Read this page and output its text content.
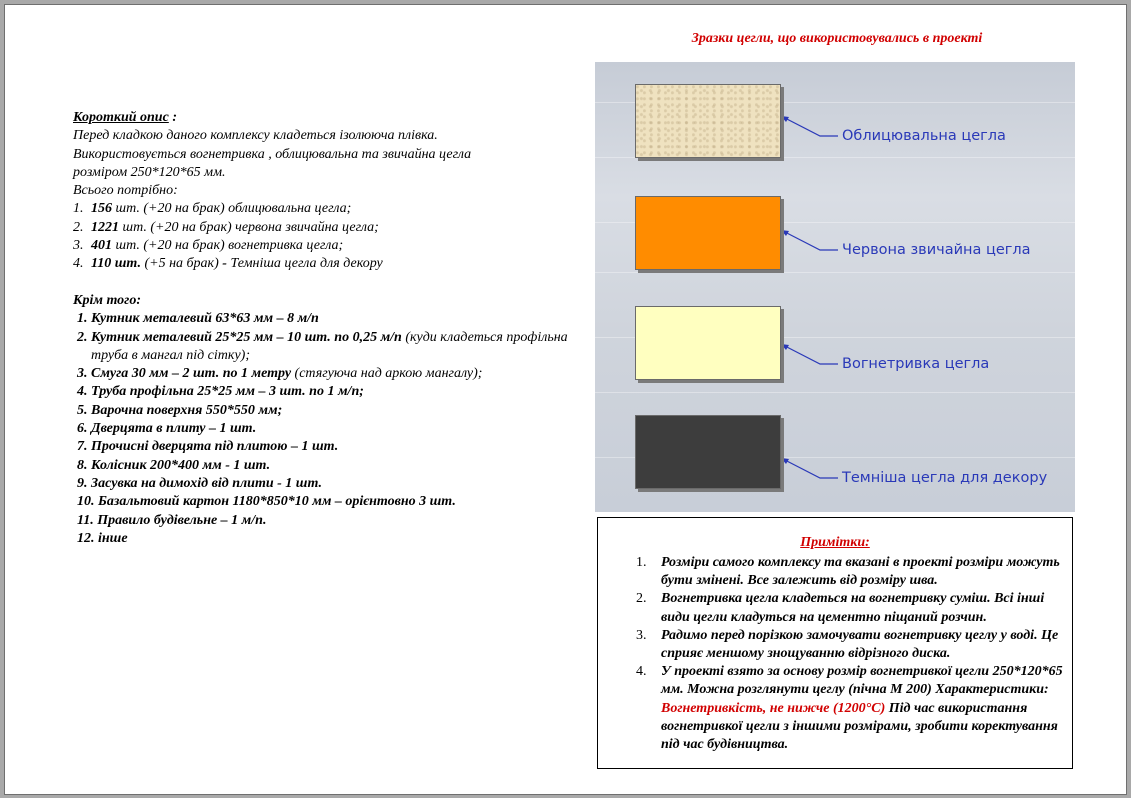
Зразки цегли, що використовувались в проекті

Короткий опис :

Перед кладкою даного комплексу кладеться ізолюючa плівка.

Використовується вогнетривка , облицювальна та звичайна цегла

розміром 250*120*65 мм.

Всього потрібно:

1. 156 шт. (+20 на брак) облицювальна цегла;
2. 1221 шт. (+20 на брак) червона звичайна цегла;
3. 401 шт. (+20 на брак) вогнетривка цегла;
4. 110 шт. (+5 на брак) - Темніша цегла для декору

Крім того:

1. Кутник металевий 63*63 мм – 8 м/п
2. Кутник металевий 25*25 мм – 10 шт. по 0,25 м/п (куди кладеться профільна труба в мангал під сітку);
3. Смуга 30 мм – 2 шт. по 1 метру (стягуюча над аркою мангалу);
4. Труба профільна 25*25 мм – 3 шт. по 1 м/п;
5. Варочна поверхня 550*550 мм;
6. Дверцята в плиту – 1 шт.
7. Прочисні дверцята під плитою – 1 шт.
8. Колісник 200*400 мм - 1 шт.
9. Засувка на димохід від плити - 1 шт.
10. Базальтовий картон 1180*850*10 мм – орієнтовно 3 шт.
11. Правило будівельне – 1 м/п.
12. інше
Облицювальна цегла
Червона звичайна цегла
Вогнетривка цегла
Темніша цегла для декору
Примітки:
1. Розміри самого комплексу та вказані в проекті розміри можуть бути змінені. Все залежить від розміру шва.
2. Вогнетривка цегла кладеться на вогнетривку суміш. Всі інші види цегли кладуться на цементно піщаний розчин.
3. Радимо перед порізкою замочувати вогнетривку цеглу у воді. Це сприяє меншому знощуванню відрізного диска.
4. У проекті взято за основу розмір вогнетривкої цегли 250*120*65 мм. Можна розглянути цеглу (пічна М 200) Характеристики: Вогнетривкість, не нижче (1200°C) Під час використання вогнетривкої цегли з іншими розмірами, зробити коректування під час будівництва.
